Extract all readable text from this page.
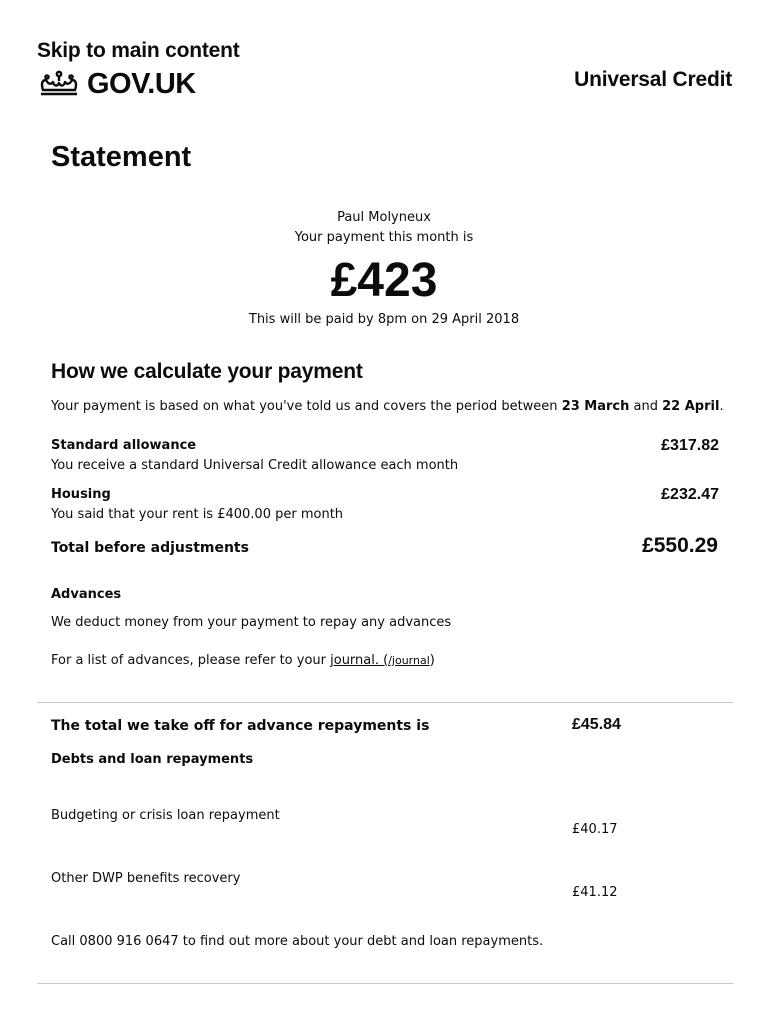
Skip to main content
GOV.UK	Universal Credit
Statement
Paul Molyneux
Your payment this month is
£423
This will be paid by 8pm on 29 April 2018
How we calculate your payment
Your payment is based on what you've told us and covers the period between 23 March and 22 April.
Standard allowance
You receive a standard Universal Credit allowance each month
£317.82
Housing
You said that your rent is £400.00 per month
£232.47
Total before adjustments	£550.29
Advances
We deduct money from your payment to repay any advances
For a list of advances, please refer to your journal. (/journal)
The total we take off for advance repayments is	£45.84
Debts and loan repayments
Budgeting or crisis loan repayment
£40.17
Other DWP benefits recovery
£41.12
Call 0800 916 0647 to find out more about your debt and loan repayments.
